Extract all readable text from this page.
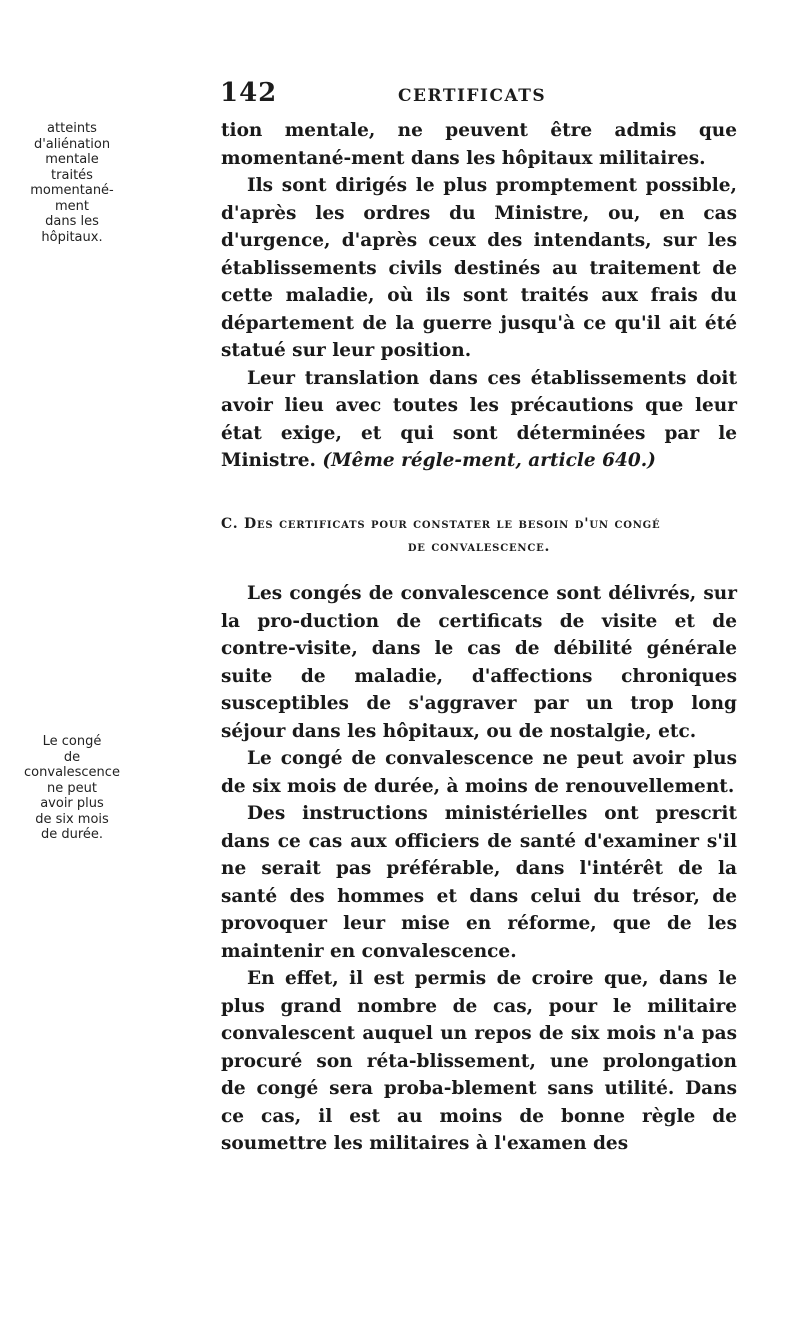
142	CERTIFICATS
atteints
d'aliénation
mentale
traités
momentané-
ment
dans les
hôpitaux.
Le congé
de
convalescence
ne peut
avoir plus
de six mois
de durée.

tion mentale, ne peuvent être admis que momentané-ment dans les hôpitaux militaires.

Ils sont dirigés le plus promptement possible, d'après les ordres du Ministre, ou, en cas d'urgence, d'après ceux des intendants, sur les établissements civils destinés au traitement de cette maladie, où ils sont traités aux frais du département de la guerre jusqu'à ce qu'il ait été statué sur leur position.

Leur translation dans ces établissements doit avoir lieu avec toutes les précautions que leur état exige, et qui sont déterminées par le Ministre. (Même régle-ment, article 640.)

C. Des certificats pour constater le besoin d'un congé
de convalescence.

Les congés de convalescence sont délivrés, sur la pro-duction de certificats de visite et de contre-visite, dans le cas de débilité générale suite de maladie, d'affections chroniques susceptibles de s'aggraver par un trop long séjour dans les hôpitaux, ou de nostalgie, etc.

Le congé de convalescence ne peut avoir plus de six mois de durée, à moins de renouvellement.

Des instructions ministérielles ont prescrit dans ce cas aux officiers de santé d'examiner s'il ne serait pas préférable, dans l'intérêt de la santé des hommes et dans celui du trésor, de provoquer leur mise en réforme, que de les maintenir en convalescence.

En effet, il est permis de croire que, dans le plus grand nombre de cas, pour le militaire convalescent auquel un repos de six mois n'a pas procuré son réta-blissement, une prolongation de congé sera proba-blement sans utilité. Dans ce cas, il est au moins de bonne règle de soumettre les militaires à l'examen des
